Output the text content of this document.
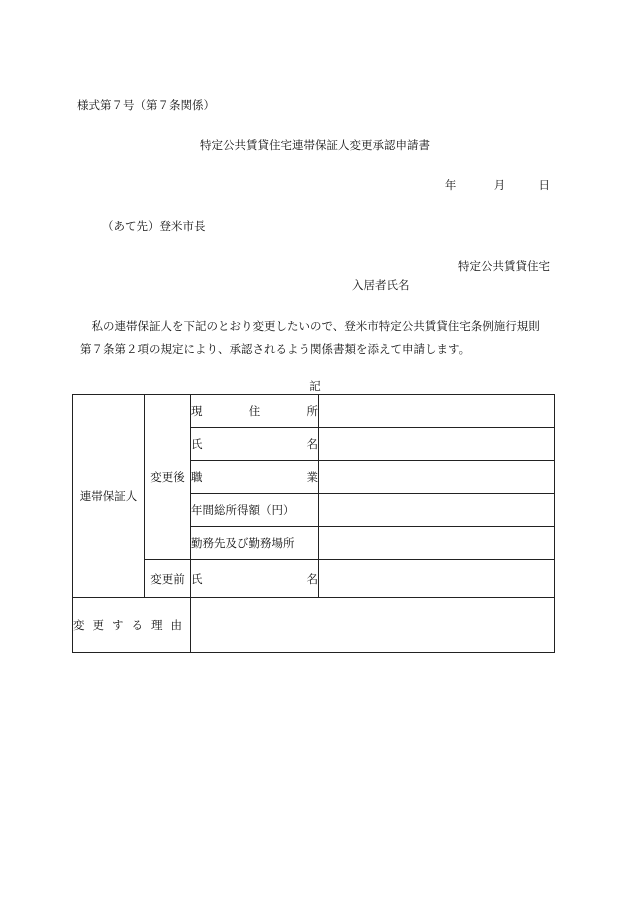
様式第７号（第７条関係）
特定公共賃貸住宅連帯保証人変更承認申請書
年	月	日
（あて先）登米市長
特定公共賃貸住宅
入居者氏名
私の連帯保証人を下記のとおり変更したいので、登米市特定公共賃貸住宅条例施行規則第７条第２項の規定により、承認されるよう関係書類を添えて申請します。
記
連帯保証人	変更後	現 住 所	

		氏 名	

		職 業	

		年間総所得額（円）	
		勤務先及び勤務場所	
	変更前	氏 名	

変更する理由			
